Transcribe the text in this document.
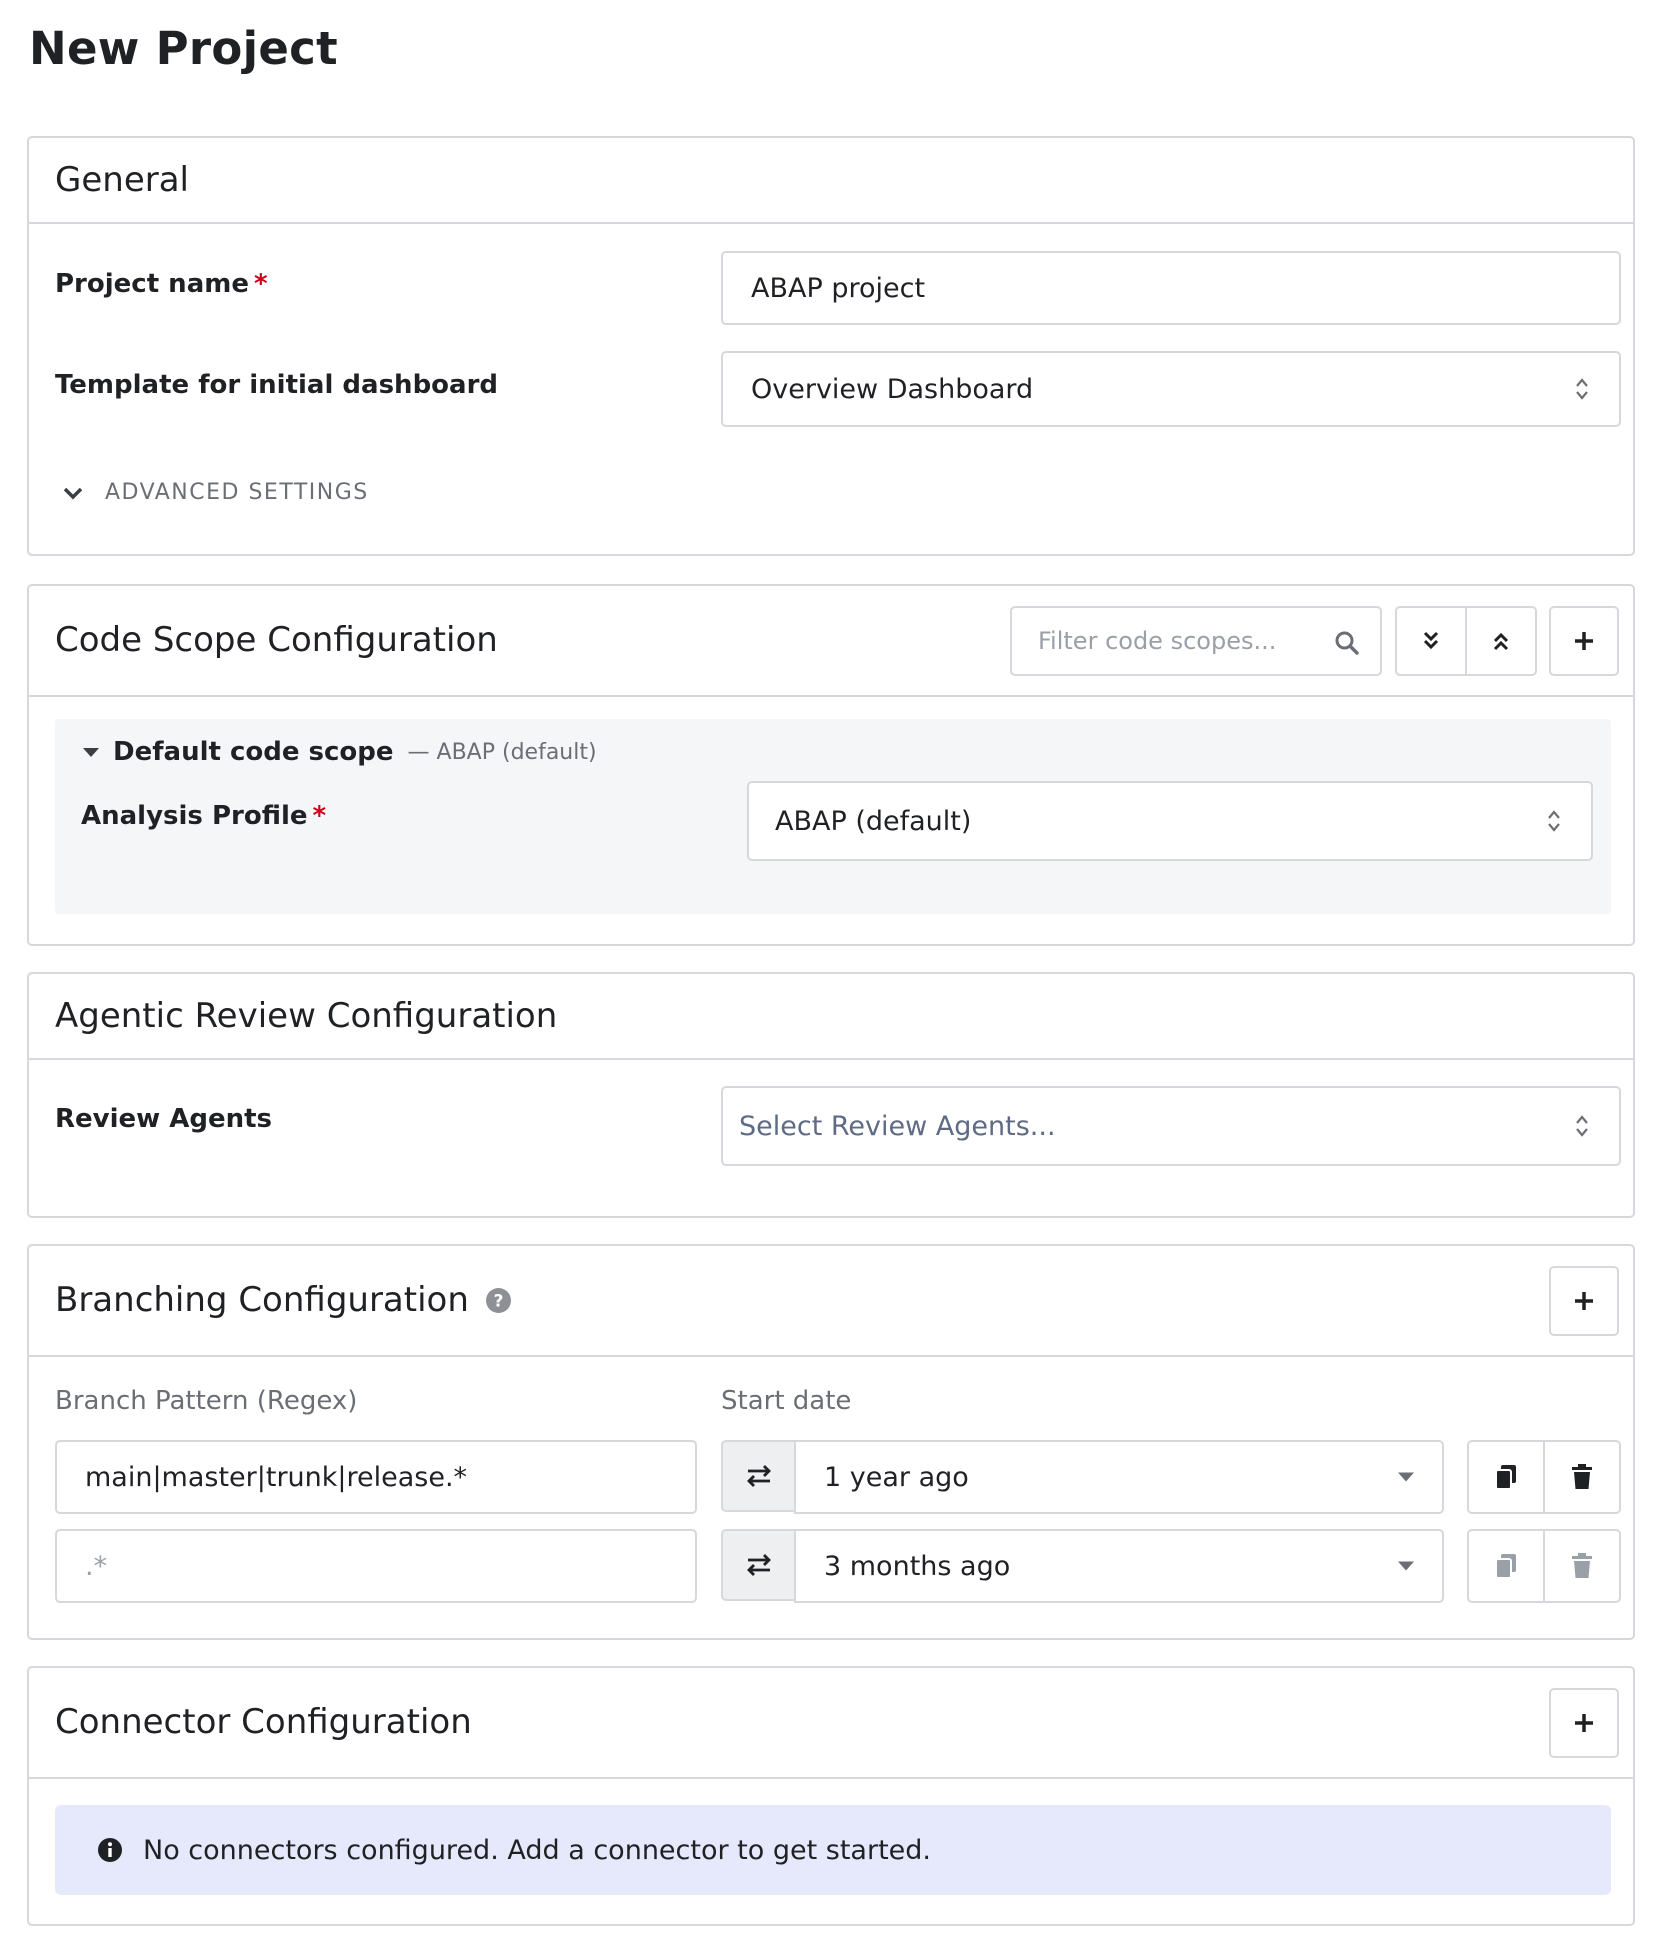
New Project
General
Project name *	ABAP project
Template for initial dashboard	Overview Dashboard
ADVANCED SETTINGS
Code Scope Configuration	Filter code scopes...
Default code scope — ABAP (default)
Analysis Profile *	ABAP (default)
Agentic Review Configuration
Review Agents	Select Review Agents...
Branching Configuration ?
Branch Pattern (Regex)	Start date
main|master|trunk|release.*	1 year ago
.*	3 months ago
Connector Configuration
No connectors configured. Add a connector to get started.
